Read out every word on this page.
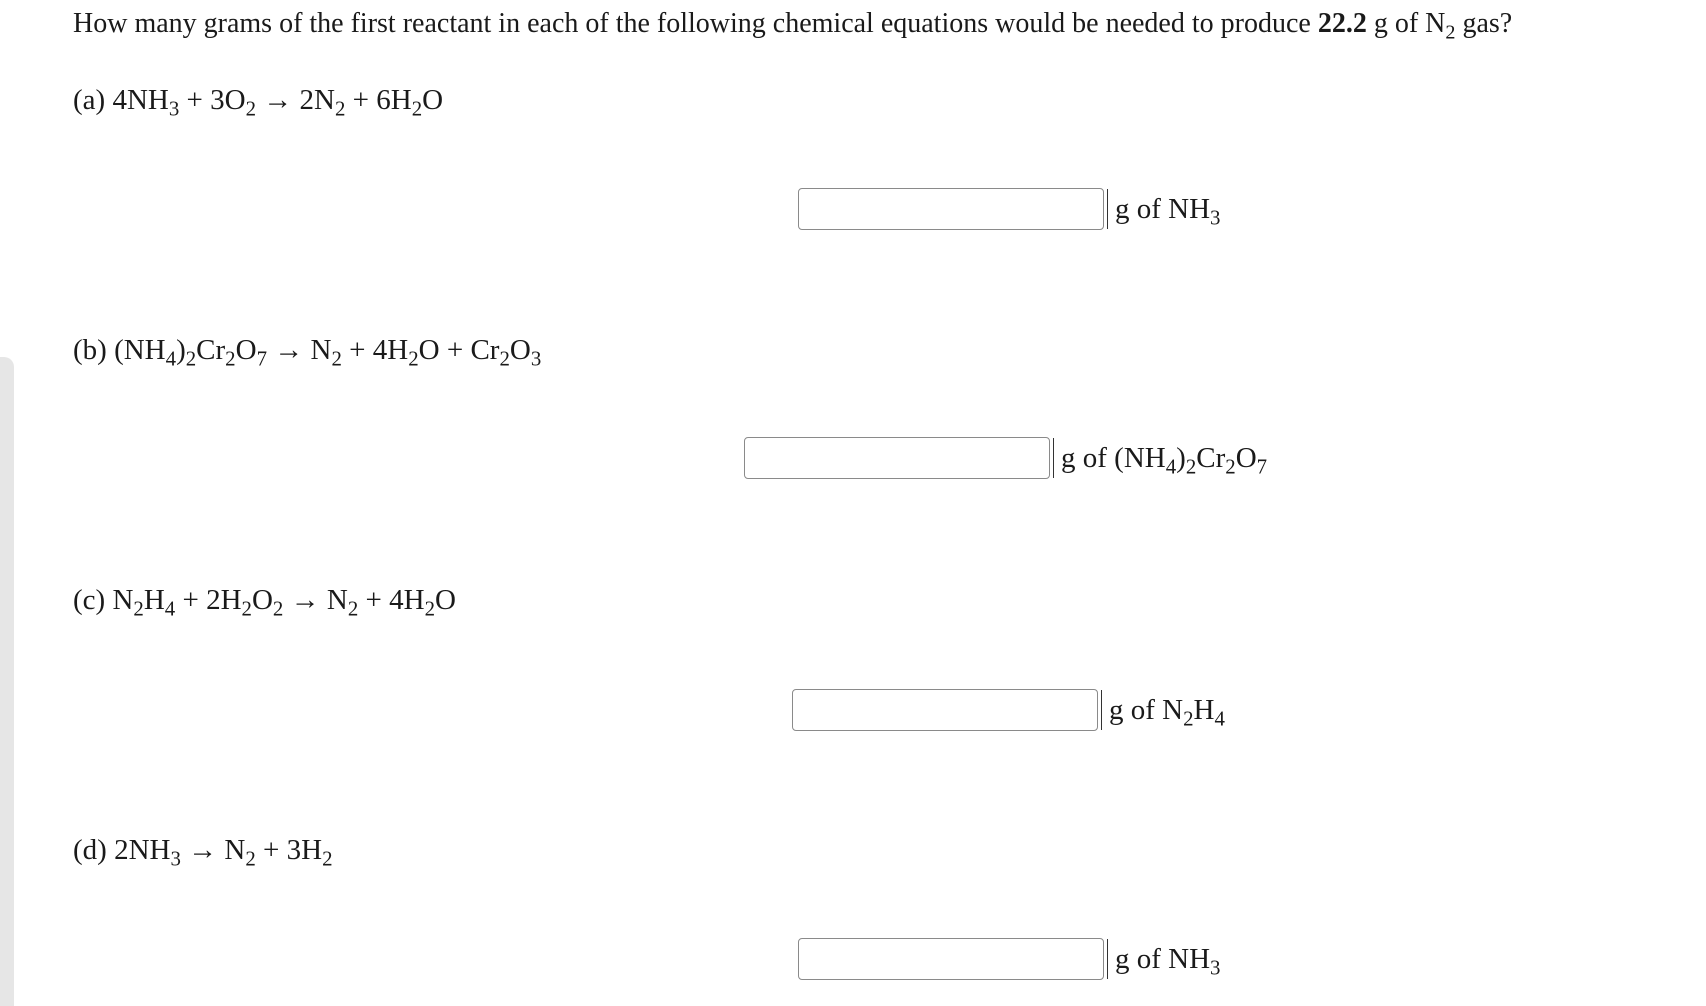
How many grams of the first reactant in each of the following chemical equations would be needed to produce 22.2 g of $N_2$ gas?
(a) $4NH_3 + 3O_2 \to 2N_2 + 6H_2O$
g of $NH_3$
(b) $(NH_4)_2Cr_2O_7 \to N_2 + 4H_2O + Cr_2O_3$
g of $(NH_4)_2Cr_2O_7$
(c) $N_2H_4 + 2H_2O_2 \to N_2 + 4H_2O$
g of $N_2H_4$
(d) $2NH_3 \to N_2 + 3H_2$
g of $NH_3$
